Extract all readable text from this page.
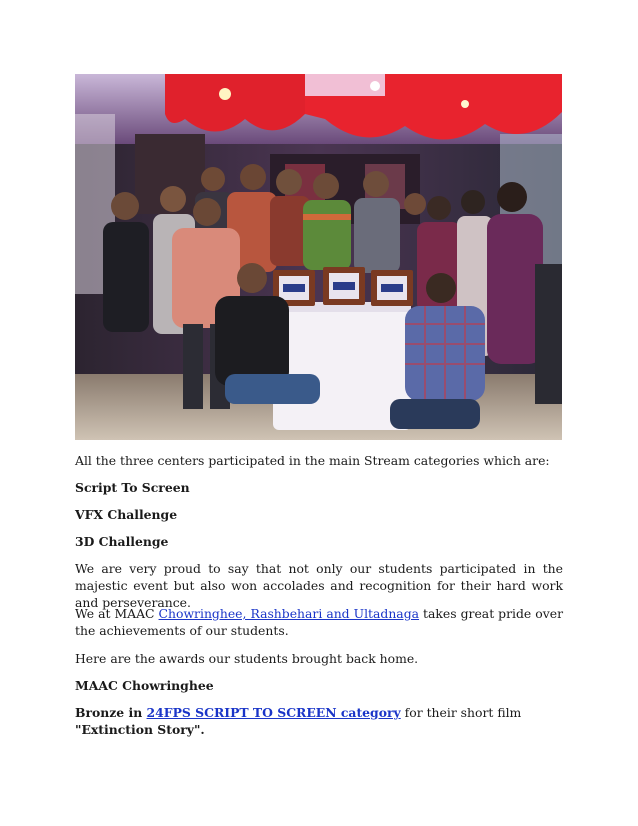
All the three centers participated in the main Stream categories which are:

Script To Screen

VFX Challenge

3D Challenge

We are very proud to say that not only our students participated in the majestic event but also won accolades and recognition for their hard work and perseverance.

We at MAAC Chowringhee, Rashbehari and Ultadnaga takes great pride over the achievements of our students.

Here are the awards our students brought back home.

MAAC Chowringhee

Bronze in 24FPS SCRIPT TO SCREEN category for their short film "Extinction Story".
